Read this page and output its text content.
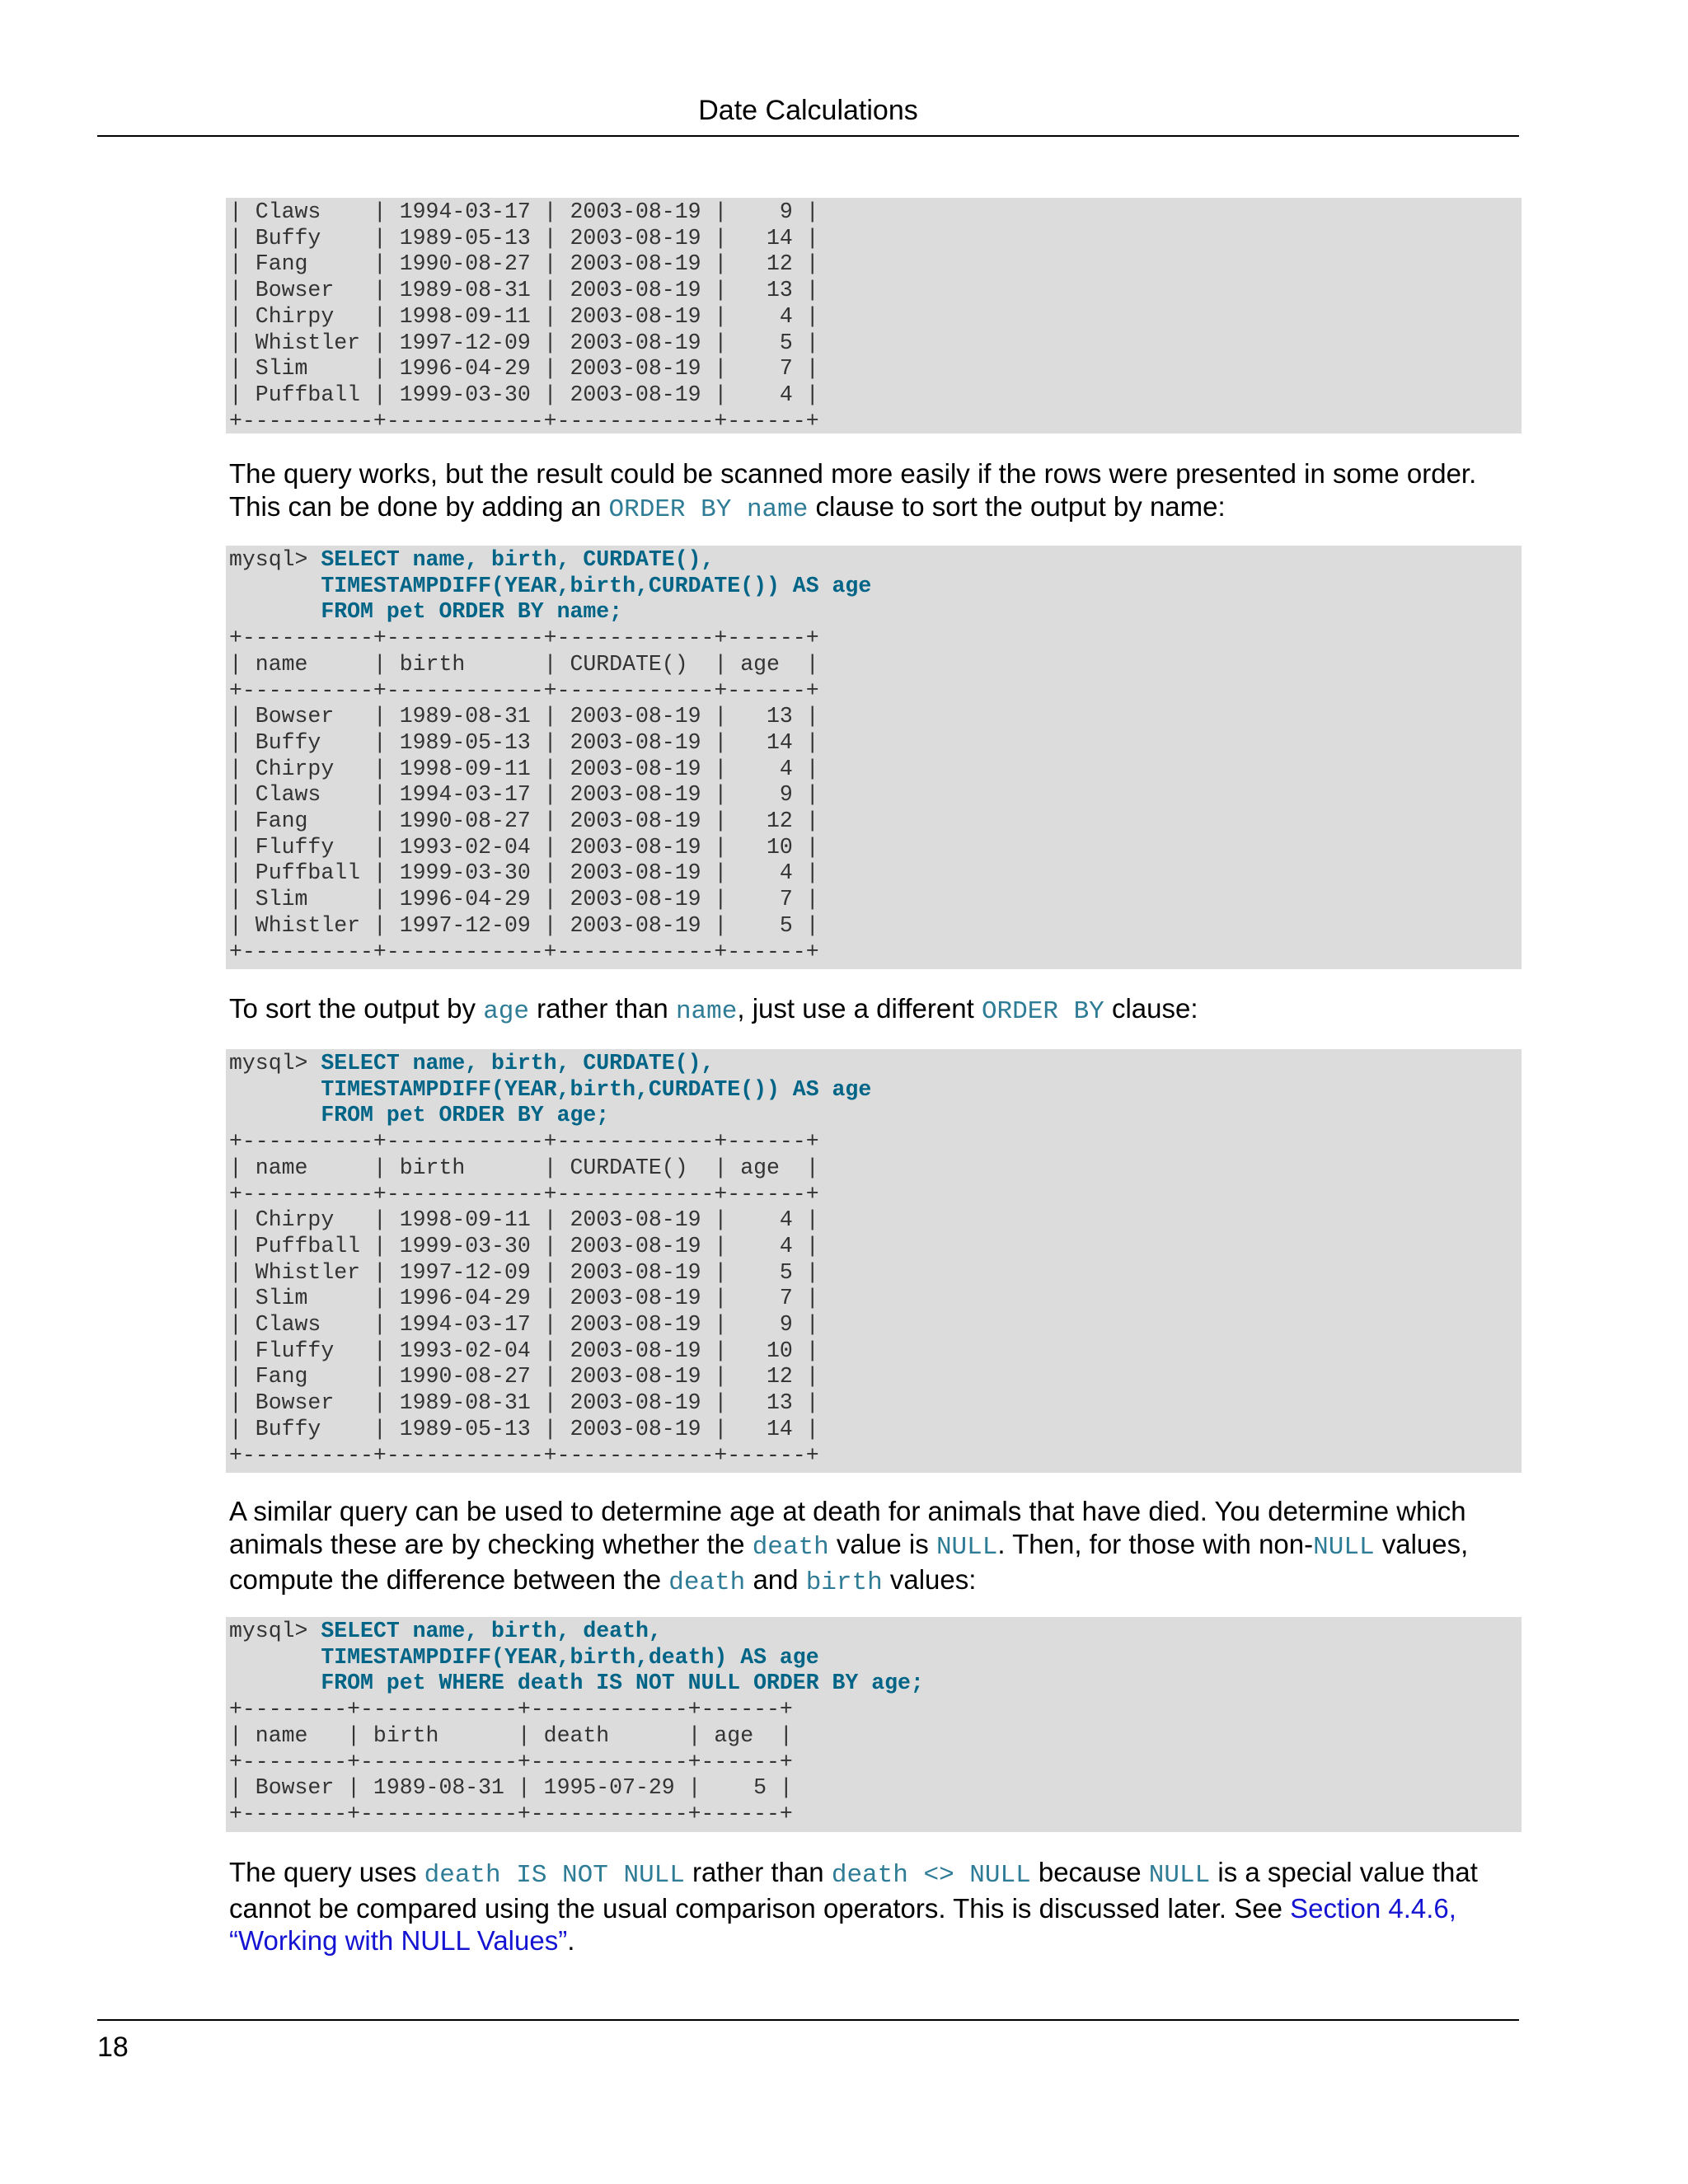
Date Calculations
| Claws    | 1994-03-17 | 2003-08-19 |    9 |
| Buffy    | 1989-05-13 | 2003-08-19 |   14 |
| Fang     | 1990-08-27 | 2003-08-19 |   12 |
| Bowser   | 1989-08-31 | 2003-08-19 |   13 |
| Chirpy   | 1998-09-11 | 2003-08-19 |    4 |
| Whistler | 1997-12-09 | 2003-08-19 |    5 |
| Slim     | 1996-04-29 | 2003-08-19 |    7 |
| Puffball | 1999-03-30 | 2003-08-19 |    4 |
+----------+------------+------------+------+

The query works, but the result could be scanned more easily if the rows were presented in some order. This can be done by adding an ORDER BY name clause to sort the output by name:

mysql> SELECT name, birth, CURDATE(),
TIMESTAMPDIFF(YEAR,birth,CURDATE()) AS age
FROM pet ORDER BY name;
+----------+------------+------------+------+
| name     | birth      | CURDATE()  | age  |
+----------+------------+------------+------+
| Bowser   | 1989-08-31 | 2003-08-19 |   13 |
| Buffy    | 1989-05-13 | 2003-08-19 |   14 |
| Chirpy   | 1998-09-11 | 2003-08-19 |    4 |
| Claws    | 1994-03-17 | 2003-08-19 |    9 |
| Fang     | 1990-08-27 | 2003-08-19 |   12 |
| Fluffy   | 1993-02-04 | 2003-08-19 |   10 |
| Puffball | 1999-03-30 | 2003-08-19 |    4 |
| Slim     | 1996-04-29 | 2003-08-19 |    7 |
| Whistler | 1997-12-09 | 2003-08-19 |    5 |
+----------+------------+------------+------+

To sort the output by age rather than name, just use a different ORDER BY clause:

mysql> SELECT name, birth, CURDATE(),
TIMESTAMPDIFF(YEAR,birth,CURDATE()) AS age
FROM pet ORDER BY age;
+----------+------------+------------+------+
| name     | birth      | CURDATE()  | age  |
+----------+------------+------------+------+
| Chirpy   | 1998-09-11 | 2003-08-19 |    4 |
| Puffball | 1999-03-30 | 2003-08-19 |    4 |
| Whistler | 1997-12-09 | 2003-08-19 |    5 |
| Slim     | 1996-04-29 | 2003-08-19 |    7 |
| Claws    | 1994-03-17 | 2003-08-19 |    9 |
| Fluffy   | 1993-02-04 | 2003-08-19 |   10 |
| Fang     | 1990-08-27 | 2003-08-19 |   12 |
| Bowser   | 1989-08-31 | 2003-08-19 |   13 |
| Buffy    | 1989-05-13 | 2003-08-19 |   14 |
+----------+------------+------------+------+

A similar query can be used to determine age at death for animals that have died. You determine which animals these are by checking whether the death value is NULL. Then, for those with non-NULL values, compute the difference between the death and birth values:

mysql> SELECT name, birth, death,
TIMESTAMPDIFF(YEAR,birth,death) AS age
FROM pet WHERE death IS NOT NULL ORDER BY age;
+--------+------------+------------+------+
| name   | birth      | death      | age  |
+--------+------------+------------+------+
| Bowser | 1989-08-31 | 1995-07-29 |    5 |
+--------+------------+------------+------+

The query uses death IS NOT NULL rather than death <> NULL because NULL is a special value that cannot be compared using the usual comparison operators. This is discussed later. See Section 4.4.6, “Working with NULL Values”.

18
